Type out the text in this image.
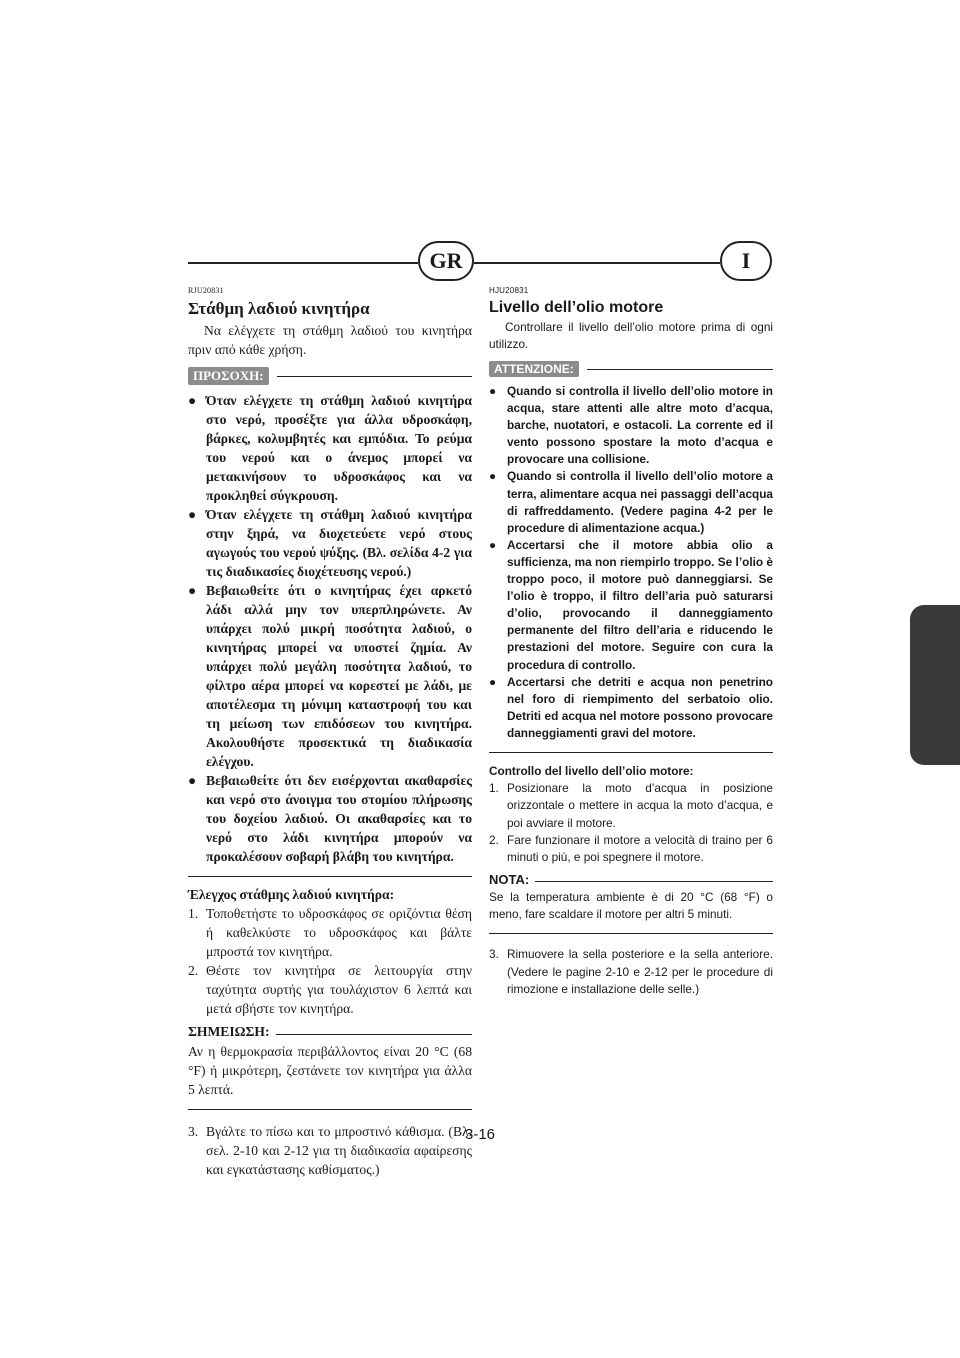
GR	I
RJU20831
Στάθμη λαδιού κινητήρα

Να ελέγχετε τη στάθμη λαδιού του κινητήρα πριν από κάθε χρήση.

ΠΡΟΣΟΧΗ:
● Όταν ελέγχετε τη στάθμη λαδιού κινητήρα στο νερό, προσέξτε για άλλα υδροσκάφη, βάρκες, κολυμβητές και εμπόδια. Το ρεύμα του νερού και ο άνεμος μπορεί να μετακινήσουν το υδροσκάφος και να προκληθεί σύγκρουση.
● Όταν ελέγχετε τη στάθμη λαδιού κινητήρα στην ξηρά, να διοχετεύετε νερό στους αγωγούς του νερού ψύξης. (Βλ. σελίδα 4-2 για τις διαδικασίες διοχέτευσης νερού.)
● Βεβαιωθείτε ότι ο κινητήρας έχει αρκετό λάδι αλλά μην τον υπερπληρώνετε. Αν υπάρχει πολύ μικρή ποσότητα λαδιού, ο κινητήρας μπορεί να υποστεί ζημία. Αν υπάρχει πολύ μεγάλη ποσότητα λαδιού, το φίλτρο αέρα μπορεί να κορεστεί με λάδι, με αποτέλεσμα τη μόνιμη καταστροφή του και τη μείωση των επιδόσεων του κινητήρα. Ακολουθήστε προσεκτικά τη διαδικασία ελέγχου.
● Βεβαιωθείτε ότι δεν εισέρχονται ακαθαρσίες και νερό στο άνοιγμα του στομίου πλήρωσης του δοχείου λαδιού. Οι ακαθαρσίες και το νερό στο λάδι κινητήρα μπορούν να προκαλέσουν σοβαρή βλάβη του κινητήρα.
Έλεγχος στάθμης λαδιού κινητήρα:
1. Τοποθετήστε το υδροσκάφος σε οριζόντια θέση ή καθελκύστε το υδροσκάφος και βάλτε μπροστά τον κινητήρα.
2. Θέστε τον κινητήρα σε λειτουργία στην ταχύτητα συρτής για τουλάχιστον 6 λεπτά και μετά σβήστε τον κινητήρα.
ΣΗΜΕΙΩΣΗ:

Αν η θερμοκρασία περιβάλλοντος είναι 20 °C (68 °F) ή μικρότερη, ζεστάνετε τον κινητήρα για άλλα 5 λεπτά.

3. Βγάλτε το πίσω και το μπροστινό κάθισμα. (Βλ. σελ. 2-10 και 2-12 για τη διαδικασία αφαίρεσης και εγκατάστασης καθίσματος.)
HJU20831
Livello dell’olio motore

Controllare il livello dell’olio motore prima di ogni utilizzo.

ATTENZIONE:
● Quando si controlla il livello dell’olio motore in acqua, stare attenti alle altre moto d’acqua, barche, nuotatori, e ostacoli. La corrente ed il vento possono spostare la moto d’acqua e provocare una collisione.
● Quando si controlla il livello dell’olio motore a terra, alimentare acqua nei passaggi dell’acqua di raffreddamento. (Vedere pagina 4-2 per le procedure di alimentazione acqua.)
● Accertarsi che il motore abbia olio a sufficienza, ma non riempirlo troppo. Se l’olio è troppo poco, il motore può danneggiarsi. Se l’olio è troppo, il filtro dell’aria può saturarsi d’olio, provocando il danneggiamento permanente del filtro dell’aria e riducendo le prestazioni del motore. Seguire con cura la procedura di controllo.
● Accertarsi che detriti e acqua non penetrino nel foro di riempimento del serbatoio olio. Detriti ed acqua nel motore possono provocare danneggiamenti gravi del motore.
Controllo del livello dell’olio motore:
1. Posizionare la moto d’acqua in posizione orizzontale o mettere in acqua la moto d’acqua, e poi avviare il motore.
2. Fare funzionare il motore a velocità di traino per 6 minuti o più, e poi spegnere il motore.
NOTA:

Se la temperatura ambiente è di 20 °C (68 °F) o meno, fare scaldare il motore per altri 5 minuti.

3. Rimuovere la sella posteriore e la sella anteriore. (Vedere le pagine 2-10 e 2-12 per le procedure di rimozione e installazione delle selle.)
3-16
